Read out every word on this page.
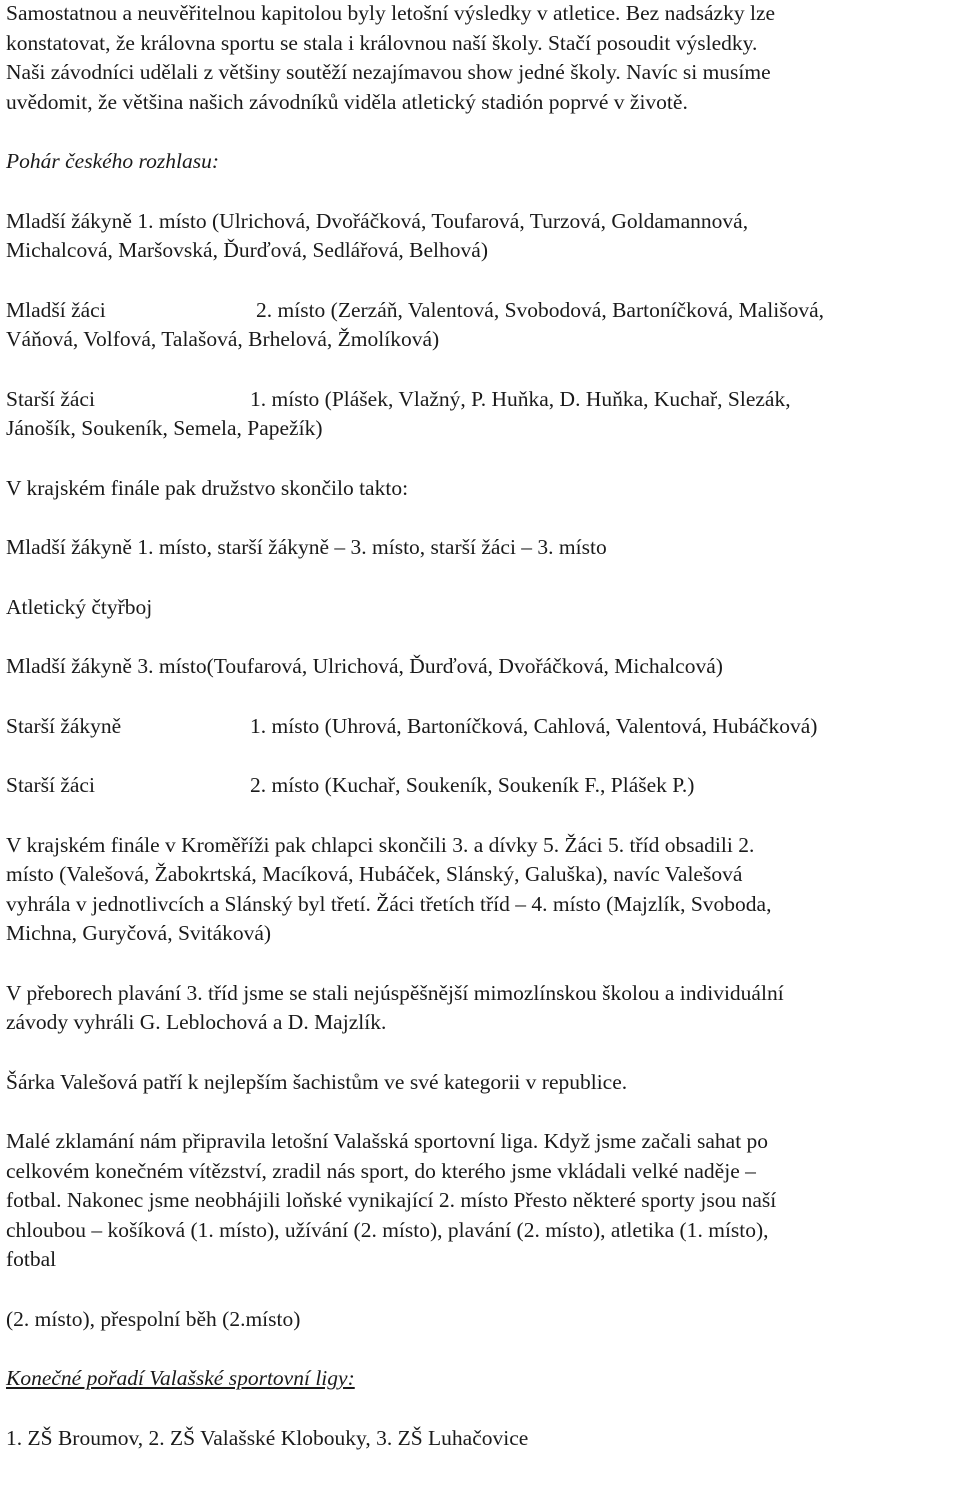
Samostatnou a neuvěřitelnou kapitolou byly letošní výsledky v atletice. Bez nadsázky lze
konstatovat, že královna sportu se stala i královnou naší školy. Stačí posoudit výsledky.
Naši závodníci udělali z většiny soutěží nezajímavou show jedné školy. Navíc si musíme
uvědomit, že většina našich závodníků viděla atletický stadión poprvé v životě.

Pohár českého rozhlasu:

Mladší žákyně 1. místo (Ulrichová, Dvořáčková, Toufarová, Turzová, Goldamannová,
Michalcová, Maršovská, Ďurďová, Sedlářová, Belhová)

Mladší žáci	2. místo (Zerzáň, Valentová, Svobodová, Bartoníčková, Mališová,

Váňová, Volfová, Talašová, Brhelová, Žmolíková)

Starší žáci	1. místo (Plášek, Vlažný, P. Huňka, D. Huňka, Kuchař, Slezák,

Jánošík, Soukeník, Semela, Papežík)

V krajském finále pak družstvo skončilo takto:

Mladší žákyně 1. místo, starší žákyně – 3. místo, starší žáci – 3. místo

Atletický čtyřboj

Mladší žákyně 3. místo(Toufarová, Ulrichová, Ďurďová, Dvořáčková, Michalcová)

Starší žákyně	1. místo (Uhrová, Bartoníčková, Cahlová, Valentová, Hubáčková)
Starší žáci	2. místo (Kuchař, Soukeník, Soukeník F., Plášek P.)

V krajském finále v Kroměříži pak chlapci skončili 3. a dívky 5. Žáci 5. tříd obsadili 2.
místo (Valešová, Žabokrtská, Macíková, Hubáček, Slánský, Galuška), navíc Valešová
vyhrála v jednotlivcích a Slánský byl třetí. Žáci třetích tříd – 4. místo (Majzlík, Svoboda,
Michna, Guryčová, Svitáková)

V přeborech plavání 3. tříd jsme se stali nejúspěšnější mimozlínskou školou a individuální
závody vyhráli G. Leblochová a D. Majzlík.

Šárka Valešová patří k nejlepším šachistům ve své kategorii v republice.

Malé zklamání nám připravila letošní Valašská sportovní liga. Když jsme začali sahat po
celkovém konečném vítězství, zradil nás sport, do kterého jsme vkládali velké naděje –
fotbal. Nakonec jsme neobhájili loňské vynikající 2. místo Přesto některé sporty jsou naší
chloubou – košíková (1. místo), užívání (2. místo), plavání (2. místo), atletika (1. místo),
fotbal

(2. místo), přespolní běh (2.místo)

Konečné pořadí Valašské sportovní ligy:

1. ZŠ Broumov, 2. ZŠ Valašské Klobouky, 3. ZŠ Luhačovice
